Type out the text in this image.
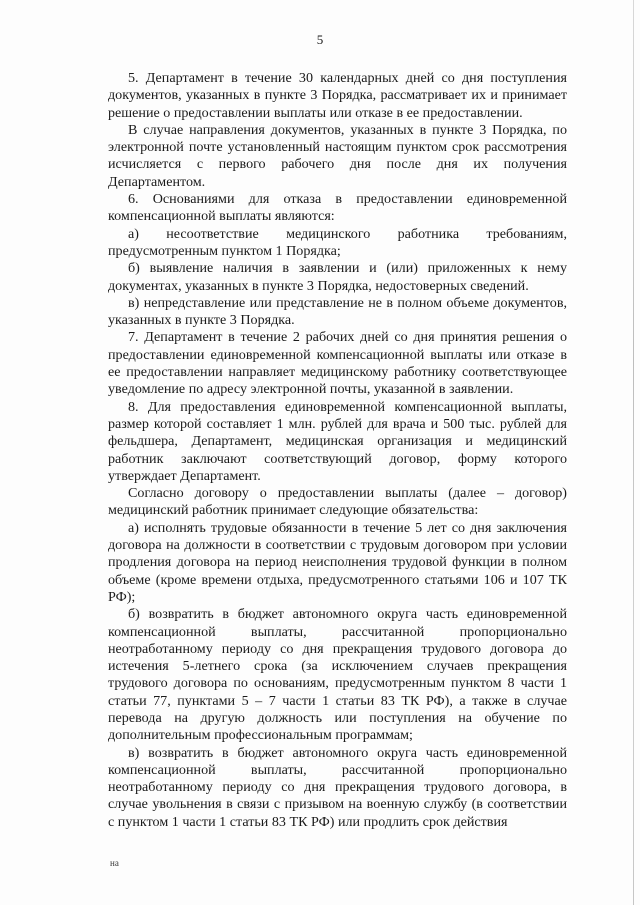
5

5. Департамент в течение 30 календарных дней со дня поступления документов, указанных в пункте 3 Порядка, рассматривает их и принимает решение о предоставлении выплаты или отказе в ее предоставлении.

В случае направления документов, указанных в пункте 3 Порядка, по электронной почте установленный настоящим пунктом срок рассмотрения исчисляется с первого рабочего дня после дня их получения Департаментом.

6. Основаниями для отказа в предоставлении единовременной компенсационной выплаты являются:

а) несоответствие медицинского работника требованиям, предусмотренным пунктом 1 Порядка;

б) выявление наличия в заявлении и (или) приложенных к нему документах, указанных в пункте 3 Порядка, недостоверных сведений.

в) непредставление или представление не в полном объеме документов, указанных в пункте 3 Порядка.

7. Департамент в течение 2 рабочих дней со дня принятия решения о предоставлении единовременной компенсационной выплаты или отказе в ее предоставлении направляет медицинскому работнику соответствующее уведомление по адресу электронной почты, указанной в заявлении.

8. Для предоставления единовременной компенсационной выплаты, размер которой составляет 1 млн. рублей для врача и 500 тыс. рублей для фельдшера, Департамент, медицинская организация и медицинский работник заключают соответствующий договор, форму которого утверждает Департамент.

Согласно договору о предоставлении выплаты (далее – договор) медицинский работник принимает следующие обязательства:

а) исполнять трудовые обязанности в течение 5 лет со дня заключения договора на должности в соответствии с трудовым договором при условии продления договора на период неисполнения трудовой функции в полном объеме (кроме времени отдыха, предусмотренного статьями 106 и 107 ТК РФ);

б) возвратить в бюджет автономного округа часть единовременной компенсационной выплаты, рассчитанной пропорционально неотработанному периоду со дня прекращения трудового договора до истечения 5-летнего срока (за исключением случаев прекращения трудового договора по основаниям, предусмотренным пунктом 8 части 1 статьи 77, пунктами 5 – 7 части 1 статьи 83 ТК РФ), а также в случае перевода на другую должность или поступления на обучение по дополнительным профессиональным программам;

в) возвратить в бюджет автономного округа часть единовременной компенсационной выплаты, рассчитанной пропорционально неотработанному периоду со дня прекращения трудового договора, в случае увольнения в связи с призывом на военную службу (в соответствии с пунктом 1 части 1 статьи 83 ТК РФ) или продлить срок действия

на
